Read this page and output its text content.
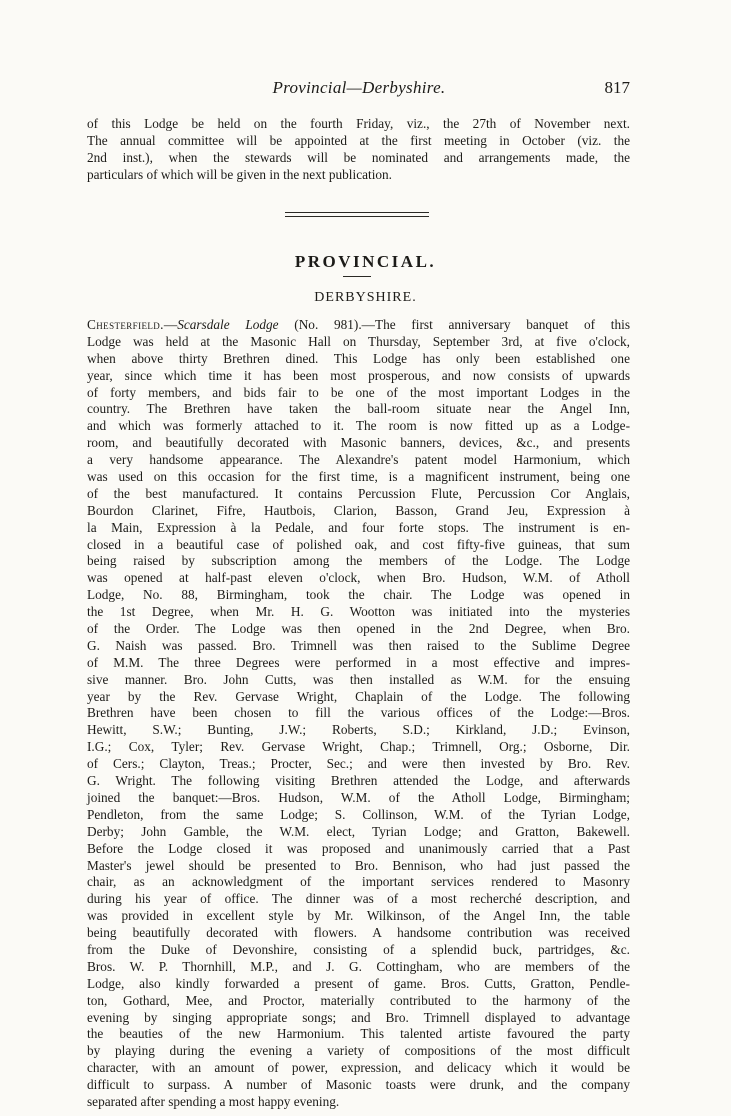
Provincial—Derbyshire.	817
of this Lodge be held on the fourth Friday, viz., the 27th of November next.
The annual committee will be appointed at the first meeting in October (viz. the
2nd inst.), when the stewards will be nominated and arrangements made, the
particulars of which will be given in the next publication.
PROVINCIAL.
DERBYSHIRE.
Chesterfield.—Scarsdale Lodge (No. 981).—The first anniversary banquet of this
Lodge was held at the Masonic Hall on Thursday, September 3rd, at five o'clock,
when above thirty Brethren dined. This Lodge has only been established one
year, since which time it has been most prosperous, and now consists of upwards
of forty members, and bids fair to be one of the most important Lodges in the
country. The Brethren have taken the ball-room situate near the Angel Inn,
and which was formerly attached to it. The room is now fitted up as a Lodge-
room, and beautifully decorated with Masonic banners, devices, &c., and presents
a very handsome appearance. The Alexandre's patent model Harmonium, which
was used on this occasion for the first time, is a magnificent instrument, being one
of the best manufactured. It contains Percussion Flute, Percussion Cor Anglais,
Bourdon Clarinet, Fifre, Hautbois, Clarion, Basson, Grand Jeu, Expression à
la Main, Expression à la Pedale, and four forte stops. The instrument is en-
closed in a beautiful case of polished oak, and cost fifty-five guineas, that sum
being raised by subscription among the members of the Lodge. The Lodge
was opened at half-past eleven o'clock, when Bro. Hudson, W.M. of Atholl
Lodge, No. 88, Birmingham, took the chair. The Lodge was opened in
the 1st Degree, when Mr. H. G. Wootton was initiated into the mysteries
of the Order. The Lodge was then opened in the 2nd Degree, when Bro.
G. Naish was passed. Bro. Trimnell was then raised to the Sublime Degree
of M.M. The three Degrees were performed in a most effective and impres-
sive manner. Bro. John Cutts, was then installed as W.M. for the ensuing
year by the Rev. Gervase Wright, Chaplain of the Lodge. The following
Brethren have been chosen to fill the various offices of the Lodge:—Bros.
Hewitt, S.W.; Bunting, J.W.; Roberts, S.D.; Kirkland, J.D.; Evinson,
I.G.; Cox, Tyler; Rev. Gervase Wright, Chap.; Trimnell, Org.; Osborne, Dir.
of Cers.; Clayton, Treas.; Procter, Sec.; and were then invested by Bro. Rev.
G. Wright. The following visiting Brethren attended the Lodge, and afterwards
joined the banquet:—Bros. Hudson, W.M. of the Atholl Lodge, Birmingham;
Pendleton, from the same Lodge; S. Collinson, W.M. of the Tyrian Lodge,
Derby; John Gamble, the W.M. elect, Tyrian Lodge; and Gratton, Bakewell.
Before the Lodge closed it was proposed and unanimously carried that a Past
Master's jewel should be presented to Bro. Bennison, who had just passed the
chair, as an acknowledgment of the important services rendered to Masonry
during his year of office. The dinner was of a most recherché description, and
was provided in excellent style by Mr. Wilkinson, of the Angel Inn, the table
being beautifully decorated with flowers. A handsome contribution was received
from the Duke of Devonshire, consisting of a splendid buck, partridges, &c.
Bros. W. P. Thornhill, M.P., and J. G. Cottingham, who are members of the
Lodge, also kindly forwarded a present of game. Bros. Cutts, Gratton, Pendle-
ton, Gothard, Mee, and Proctor, materially contributed to the harmony of the
evening by singing appropriate songs; and Bro. Trimnell displayed to advantage
the beauties of the new Harmonium. This talented artiste favoured the party
by playing during the evening a variety of compositions of the most difficult
character, with an amount of power, expression, and delicacy which it would be
difficult to surpass. A number of Masonic toasts were drunk, and the company
separated after spending a most happy evening.
